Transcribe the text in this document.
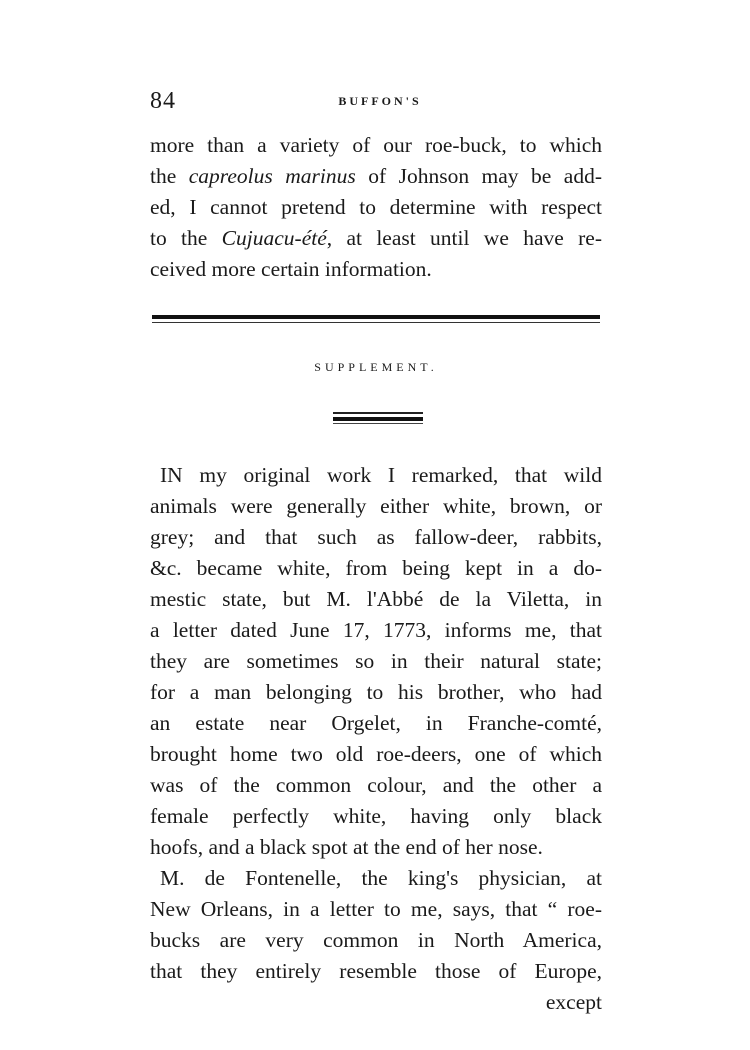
84	BUFFON'S
more than a variety of our roe-buck, to which
the capreolus marinus of Johnson may be add-
ed, I cannot pretend to determine with respect
to the Cujuacu-été, at least until we have re-
ceived more certain information.
SUPPLEMENT.
IN my original work I remarked, that wild
animals were generally either white, brown, or
grey; and that such as fallow-deer, rabbits,
&c. became white, from being kept in a do-
mestic state, but M. l'Abbé de la Viletta, in
a letter dated June 17, 1773, informs me, that
they are sometimes so in their natural state;
for a man belonging to his brother, who had
an estate near Orgelet, in Franche-comté,
brought home two old roe-deers, one of which
was of the common colour, and the other a
female perfectly white, having only black
hoofs, and a black spot at the end of her nose.
M. de Fontenelle, the king's physician, at
New Orleans, in a letter to me, says, that “ roe-
bucks are very common in North America,
that they entirely resemble those of Europe,
except
